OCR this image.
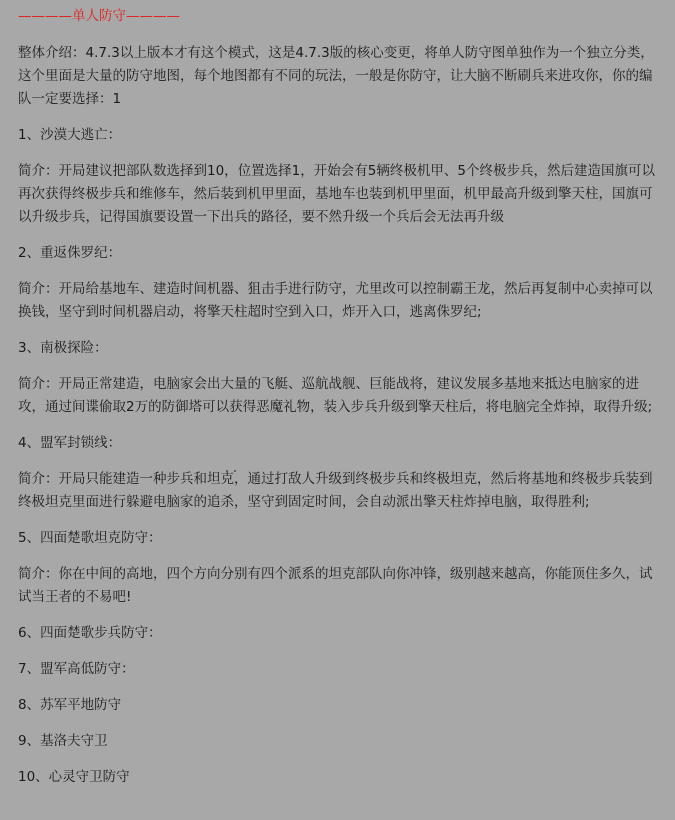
————单人防守————

整体介绍：4.7.3以上版本才有这个模式，这是4.7.3版的核心变更，将单人防守图单独作为一个独立分类，这个里面是大量的防守地图，每个地图都有不同的玩法，一般是你防守，让大脑不断刷兵来进攻你，你的编队一定要选择：1

1、沙漠大逃亡：

简介：开局建议把部队数选择到10，位置选择1，开始会有5辆终极机甲、5个终极步兵，然后建造国旗可以再次获得终极步兵和维修车，然后装到机甲里面，基地车也装到机甲里面，机甲最高升级到擎天柱，国旗可以升级步兵，记得国旗要设置一下出兵的路径，要不然升级一个兵后会无法再升级

2、重返侏罗纪：

简介：开局给基地车、建造时间机器、狙击手进行防守，尤里改可以控制霸王龙，然后再复制中心卖掉可以换钱，坚守到时间机器启动，将擎天柱超时空到入口，炸开入口，逃离侏罗纪;

3、南极探险：

简介：开局正常建造，电脑家会出大量的飞艇、巡航战舰、巨能战将，建议发展多基地来抵达电脑家的进攻，通过间谍偷取2万的防御塔可以获得恶魔礼物，装入步兵升级到擎天柱后，将电脑完全炸掉，取得升级;

4、盟军封锁线：

简介：开局只能建造一种步兵和坦克，通过打敌人升级到终极步兵和终极坦克，然后将基地和终极步兵装到终极坦克里面进行躲避电脑家的追杀，坚守到固定时间，会自动派出擎天柱炸掉电脑，取得胜利;

5、四面楚歌坦克防守：

简介：你在中间的高地，四个方向分别有四个派系的坦克部队向你冲锋，级别越来越高，你能顶住多久，试试当王者的不易吧!

6、四面楚歌步兵防守：

7、盟军高低防守：

8、苏军平地防守

9、基洛夫守卫

10、心灵守卫防守
